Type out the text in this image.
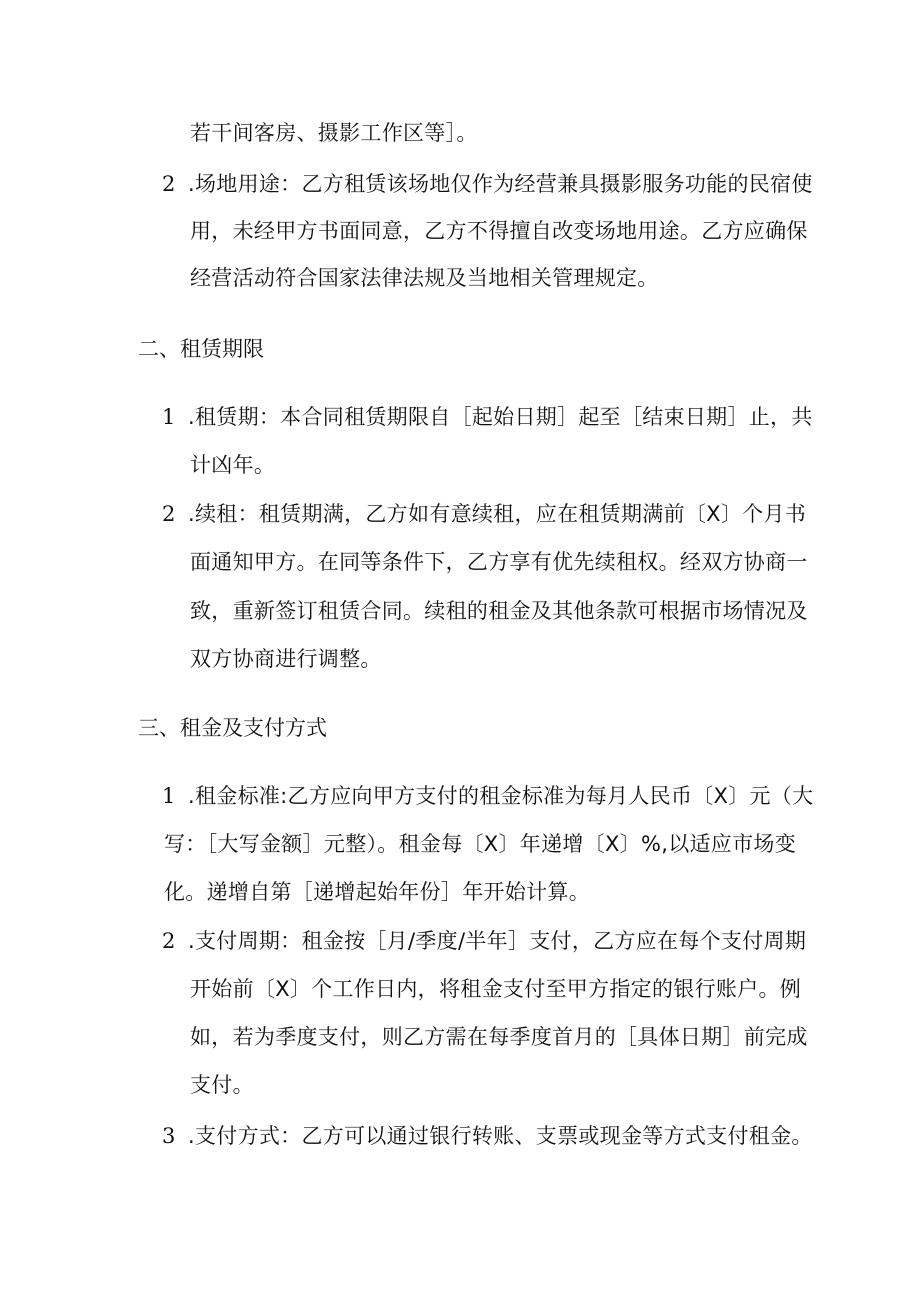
若干间客房、摄影工作区等］。
2 .场地用途：乙方租赁该场地仅作为经营兼具摄影服务功能的民宿使
用，未经甲方书面同意，乙方不得擅自改变场地用途。乙方应确保
经营活动符合国家法律法规及当地相关管理规定。
二、租赁期限
1 .租赁期：本合同租赁期限自［起始日期］起至［结束日期］止，共
计凶年。
2 .续租：租赁期满，乙方如有意续租，应在租赁期满前〔X〕个月书
面通知甲方。在同等条件下，乙方享有优先续租权。经双方协商一
致，重新签订租赁合同。续租的租金及其他条款可根据市场情况及
双方协商进行调整。
三、租金及支付方式
1 .租金标准:乙方应向甲方支付的租金标准为每月人民币〔X〕元（大
写：［大写金额］元整）。租金每〔X〕年递增〔X〕%,以适应市场变
化。递增自第［递增起始年份］年开始计算。
2 .支付周期：租金按［月/季度/半年］支付，乙方应在每个支付周期
开始前〔X〕个工作日内，将租金支付至甲方指定的银行账户。例
如，若为季度支付，则乙方需在每季度首月的［具体日期］前完成
支付。
3 .支付方式：乙方可以通过银行转账、支票或现金等方式支付租金。
